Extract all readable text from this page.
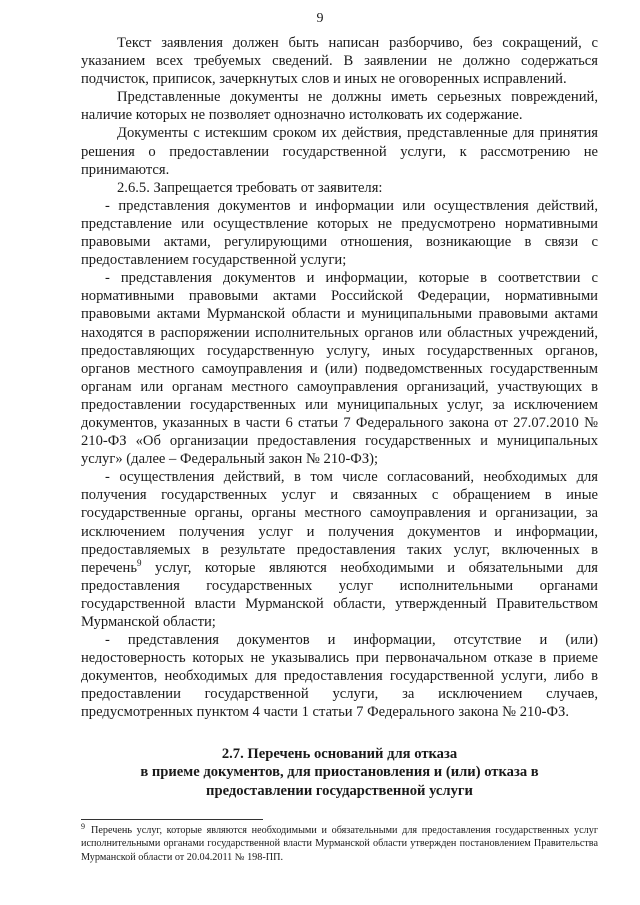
9

Текст заявления должен быть написан разборчиво, без сокращений, с указанием всех требуемых сведений. В заявлении не должно содержаться подчисток, приписок, зачеркнутых слов и иных не оговоренных исправлений.

Представленные документы не должны иметь серьезных повреждений, наличие которых не позволяет однозначно истолковать их содержание.

Документы с истекшим сроком их действия, представленные для принятия решения о предоставлении государственной услуги, к рассмотрению не принимаются.

2.6.5. Запрещается требовать от заявителя:

- представления документов и информации или осуществления действий, представление или осуществление которых не предусмотрено нормативными правовыми актами, регулирующими отношения, возникающие в связи с предоставлением государственной услуги;

- представления документов и информации, которые в соответствии с нормативными правовыми актами Российской Федерации, нормативными правовыми актами Мурманской области и муниципальными правовыми актами находятся в распоряжении исполнительных органов или областных учреждений, предоставляющих государственную услугу, иных государственных органов, органов местного самоуправления и (или) подведомственных государственным органам или органам местного самоуправления организаций, участвующих в предоставлении государственных или муниципальных услуг, за исключением документов, указанных в части 6 статьи 7 Федерального закона от 27.07.2010 № 210-ФЗ «Об организации предоставления государственных и муниципальных услуг» (далее – Федеральный закон № 210-ФЗ);

- осуществления действий, в том числе согласований, необходимых для получения государственных услуг и связанных с обращением в иные государственные органы, органы местного самоуправления и организации, за исключением получения услуг и получения документов и информации, предоставляемых в результате предоставления таких услуг, включенных в перечень$^9$ услуг, которые являются необходимыми и обязательными для предоставления государственных услуг исполнительными органами государственной власти Мурманской области, утвержденный Правительством Мурманской области;

- представления документов и информации, отсутствие и (или) недостоверность которых не указывались при первоначальном отказе в приеме документов, необходимых для предоставления государственной услуги, либо в предоставлении государственной услуги, за исключением случаев, предусмотренных пунктом 4 части 1 статьи 7 Федерального закона № 210-ФЗ.

2.7. Перечень оснований для отказа
в приеме документов, для приостановления и (или) отказа в
предоставлении государственной услуги
$^9$ Перечень услуг, которые являются необходимыми и обязательными для предоставления государственных услуг исполнительными органами государственной власти Мурманской области утвержден постановлением Правительства Мурманской области от 20.04.2011 № 198-ПП.
